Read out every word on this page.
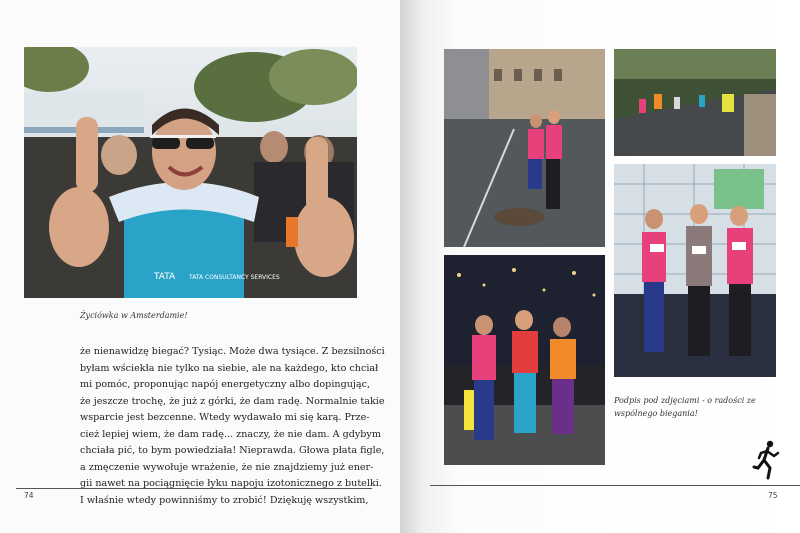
TATA TATA CONSULTANCY SERVICES
Życiówka w Amsterdamie!
że nienawidzę biegać? Tysiąc. Może dwa tysiące. Z bezsilności
byłam wściekła nie tylko na siebie, ale na każdego, kto chciał
mi pomóc, proponując napój energetyczny albo dopingując,
że jeszcze trochę, że już z górki, że dam radę. Normalnie takie
wsparcie jest bezcenne. Wtedy wydawało mi się karą. Prze-
cież lepiej wiem, że dam radę... znaczy, że nie dam. A gdybym
chciała pić, to bym powiedziała! Nieprawda. Głowa płata figle,
a zmęczenie wywołuje wrażenie, że nie znajdziemy już ener-
gii nawet na pociągnięcie łyku napoju izotonicznego z butelki.
I właśnie wtedy powinniśmy to zrobić! Dziękuję wszystkim,
74
Podpis pod zdjęciami - o radości ze
wspólnego biegania!
75
